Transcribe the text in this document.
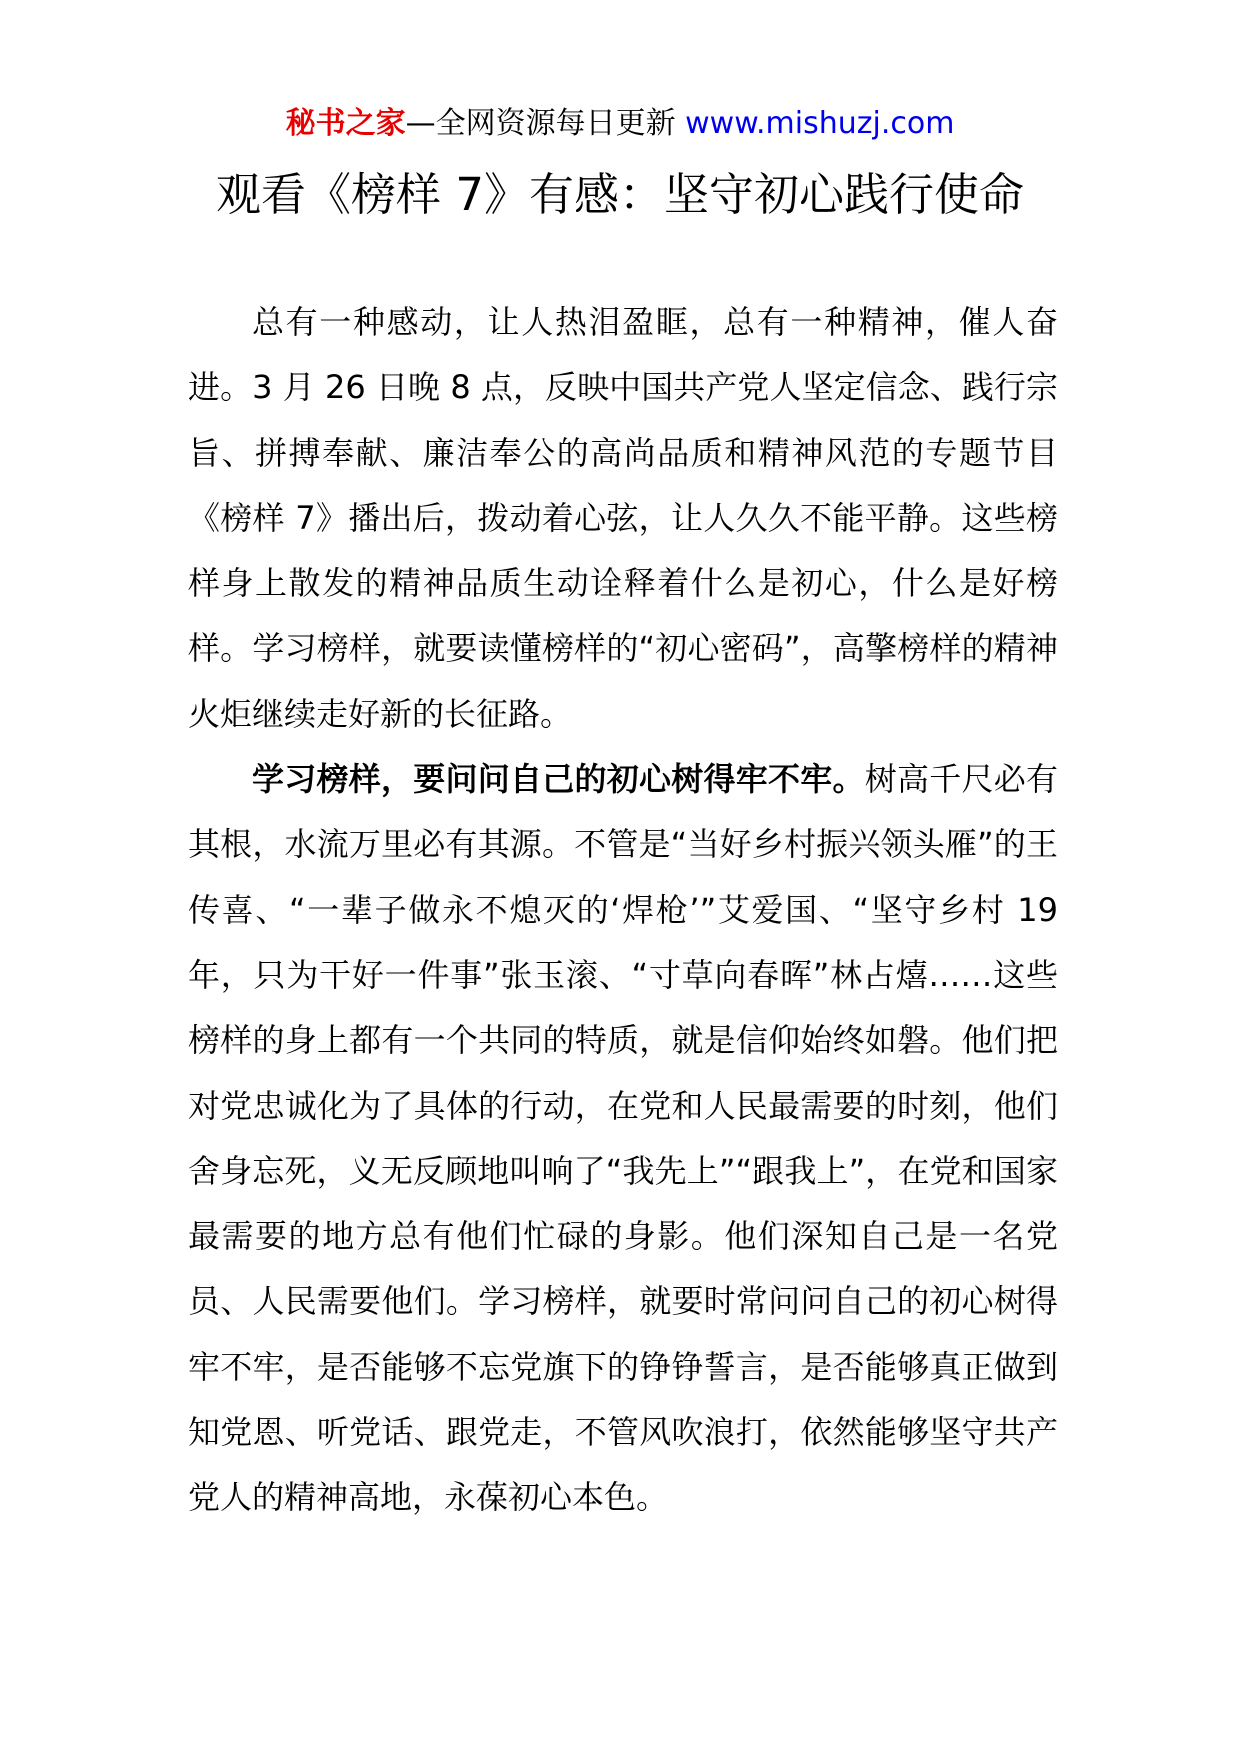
秘书之家—全网资源每日更新 www.mishuzj.com
观看《榜样 7》有感：坚守初心践行使命

总有一种感动，让人热泪盈眶，总有一种精神，催人奋进。3 月 26 日晚 8 点，反映中国共产党人坚定信念、践行宗旨、拼搏奉献、廉洁奉公的高尚品质和精神风范的专题节目《榜样 7》播出后，拨动着心弦，让人久久不能平静。这些榜样身上散发的精神品质生动诠释着什么是初心，什么是好榜样。学习榜样，就要读懂榜样的“初心密码”，高擎榜样的精神火炬继续走好新的长征路。

学习榜样，要问问自己的初心树得牢不牢。树高千尺必有其根，水流万里必有其源。不管是“当好乡村振兴领头雁”的王传喜、“一辈子做永不熄灭的‘焊枪’”艾爱国、“坚守乡村 19 年，只为干好一件事”张玉滚、“寸草向春晖”林占熺……这些榜样的身上都有一个共同的特质，就是信仰始终如磐。他们把对党忠诚化为了具体的行动，在党和人民最需要的时刻，他们舍身忘死，义无反顾地叫响了“我先上”“跟我上”，在党和国家最需要的地方总有他们忙碌的身影。他们深知自己是一名党员、人民需要他们。学习榜样，就要时常问问自己的初心树得牢不牢，是否能够不忘党旗下的铮铮誓言，是否能够真正做到知党恩、听党话、跟党走，不管风吹浪打，依然能够坚守共产党人的精神高地，永葆初心本色。
